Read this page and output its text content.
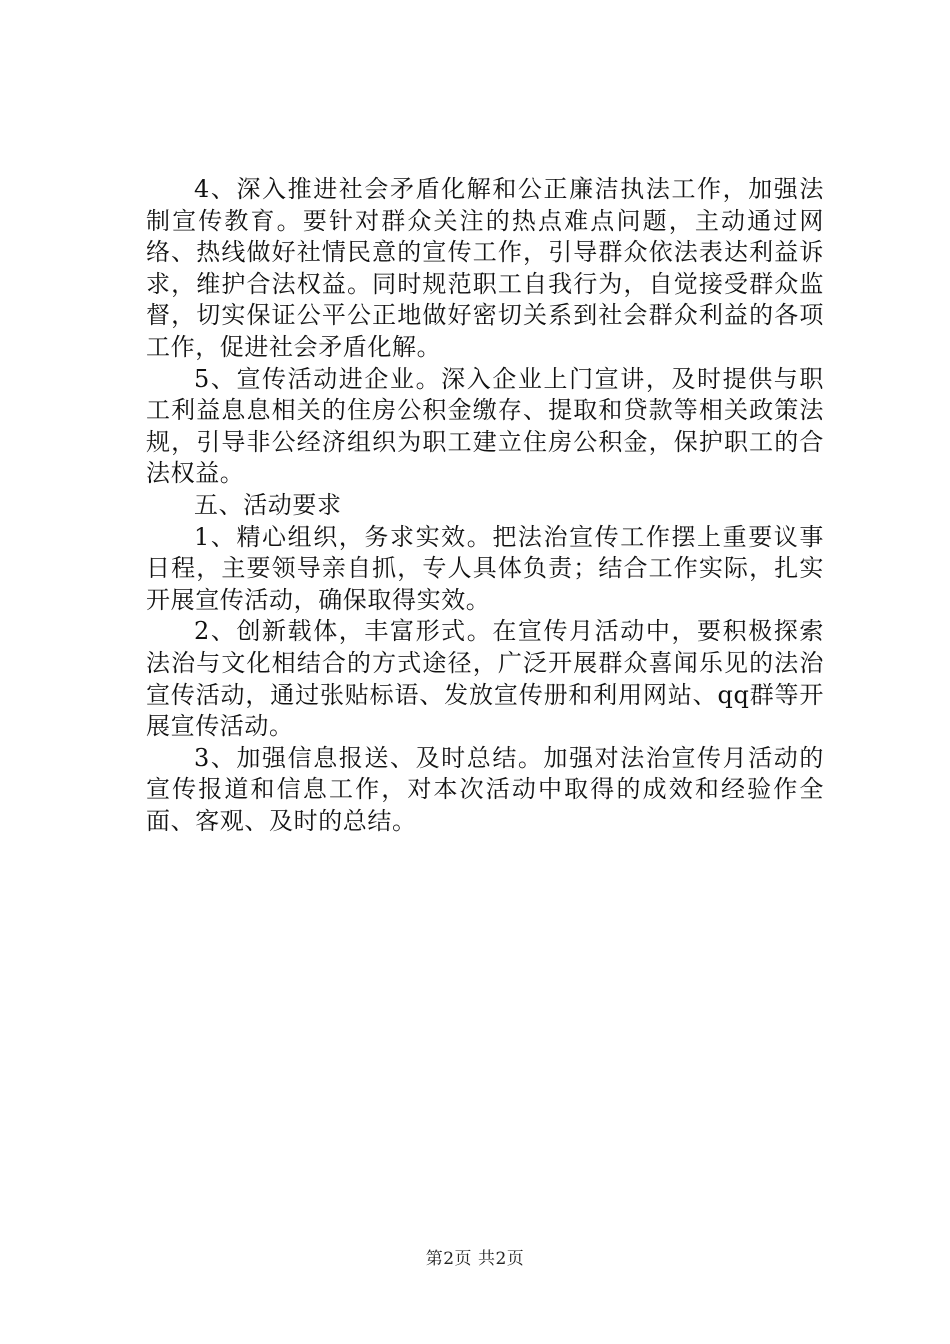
4、深入推进社会矛盾化解和公正廉洁执法工作，加强法制宣传教育。要针对群众关注的热点难点问题，主动通过网络、热线做好社情民意的宣传工作，引导群众依法表达利益诉求，维护合法权益。同时规范职工自我行为，自觉接受群众监督，切实保证公平公正地做好密切关系到社会群众利益的各项工作，促进社会矛盾化解。

5、宣传活动进企业。深入企业上门宣讲，及时提供与职工利益息息相关的住房公积金缴存、提取和贷款等相关政策法规，引导非公经济组织为职工建立住房公积金，保护职工的合法权益。

五、活动要求

1、精心组织，务求实效。把法治宣传工作摆上重要议事日程，主要领导亲自抓，专人具体负责；结合工作实际，扎实开展宣传活动，确保取得实效。

2、创新载体，丰富形式。在宣传月活动中，要积极探索法治与文化相结合的方式途径，广泛开展群众喜闻乐见的法治宣传活动，通过张贴标语、发放宣传册和利用网站、qq群等开展宣传活动。

3、加强信息报送、及时总结。加强对法治宣传月活动的宣传报道和信息工作，对本次活动中取得的成效和经验作全面、客观、及时的总结。

第2页 共2页
